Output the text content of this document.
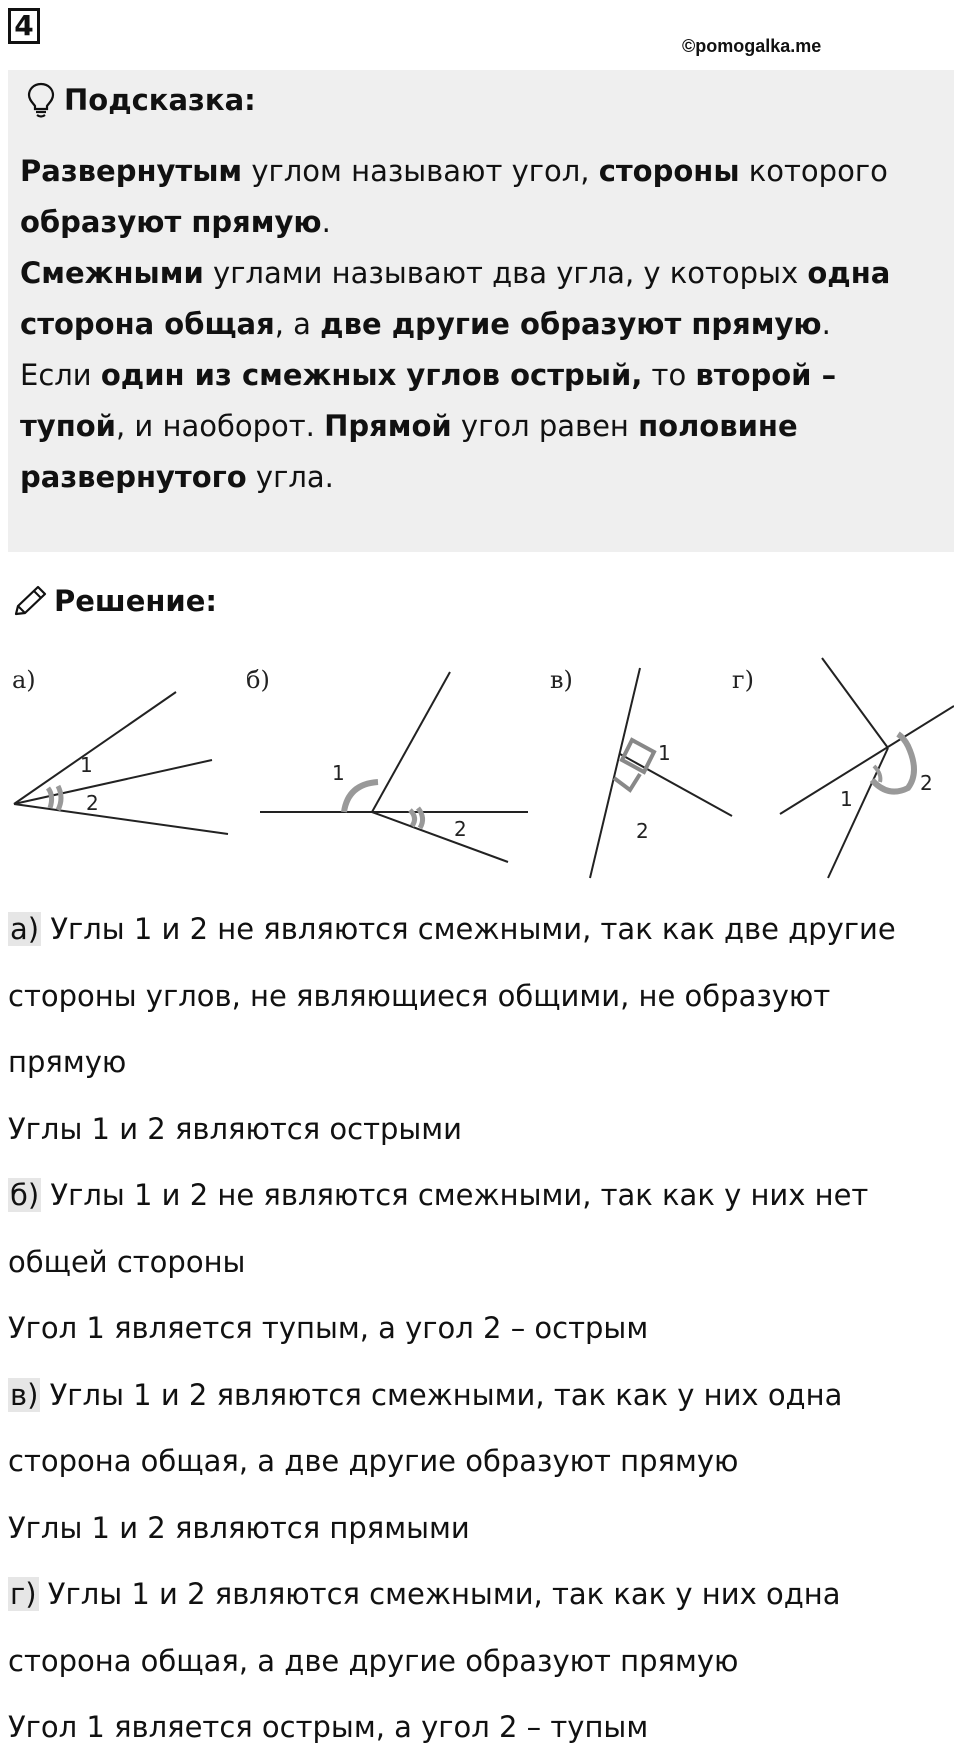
4
©pomogalka.me
Подсказка:

Развернутым углом называют угол, стороны которого образуют прямую.

Смежными углами называют два угла, у которых одна сторона общая, а две другие образуют прямую.

Если один из смежных углов острый, то второй – тупой, и наоборот. Прямой угол равен половине развернутого угла.

Решение:
а)
1
2
б)
1
2
в)
1
2
г)
1
2

а) Углы 1 и 2 не являются смежными, так как две другие

стороны углов, не являющиеся общими, не образуют

прямую

Углы 1 и 2 являются острыми

б) Углы 1 и 2 не являются смежными, так как у них нет

общей стороны

Угол 1 является тупым, а угол 2 – острым

в) Углы 1 и 2 являются смежными, так как у них одна

сторона общая, а две другие образуют прямую

Углы 1 и 2 являются прямыми

г) Углы 1 и 2 являются смежными, так как у них одна

сторона общая, а две другие образуют прямую

Угол 1 является острым, а угол 2 – тупым
